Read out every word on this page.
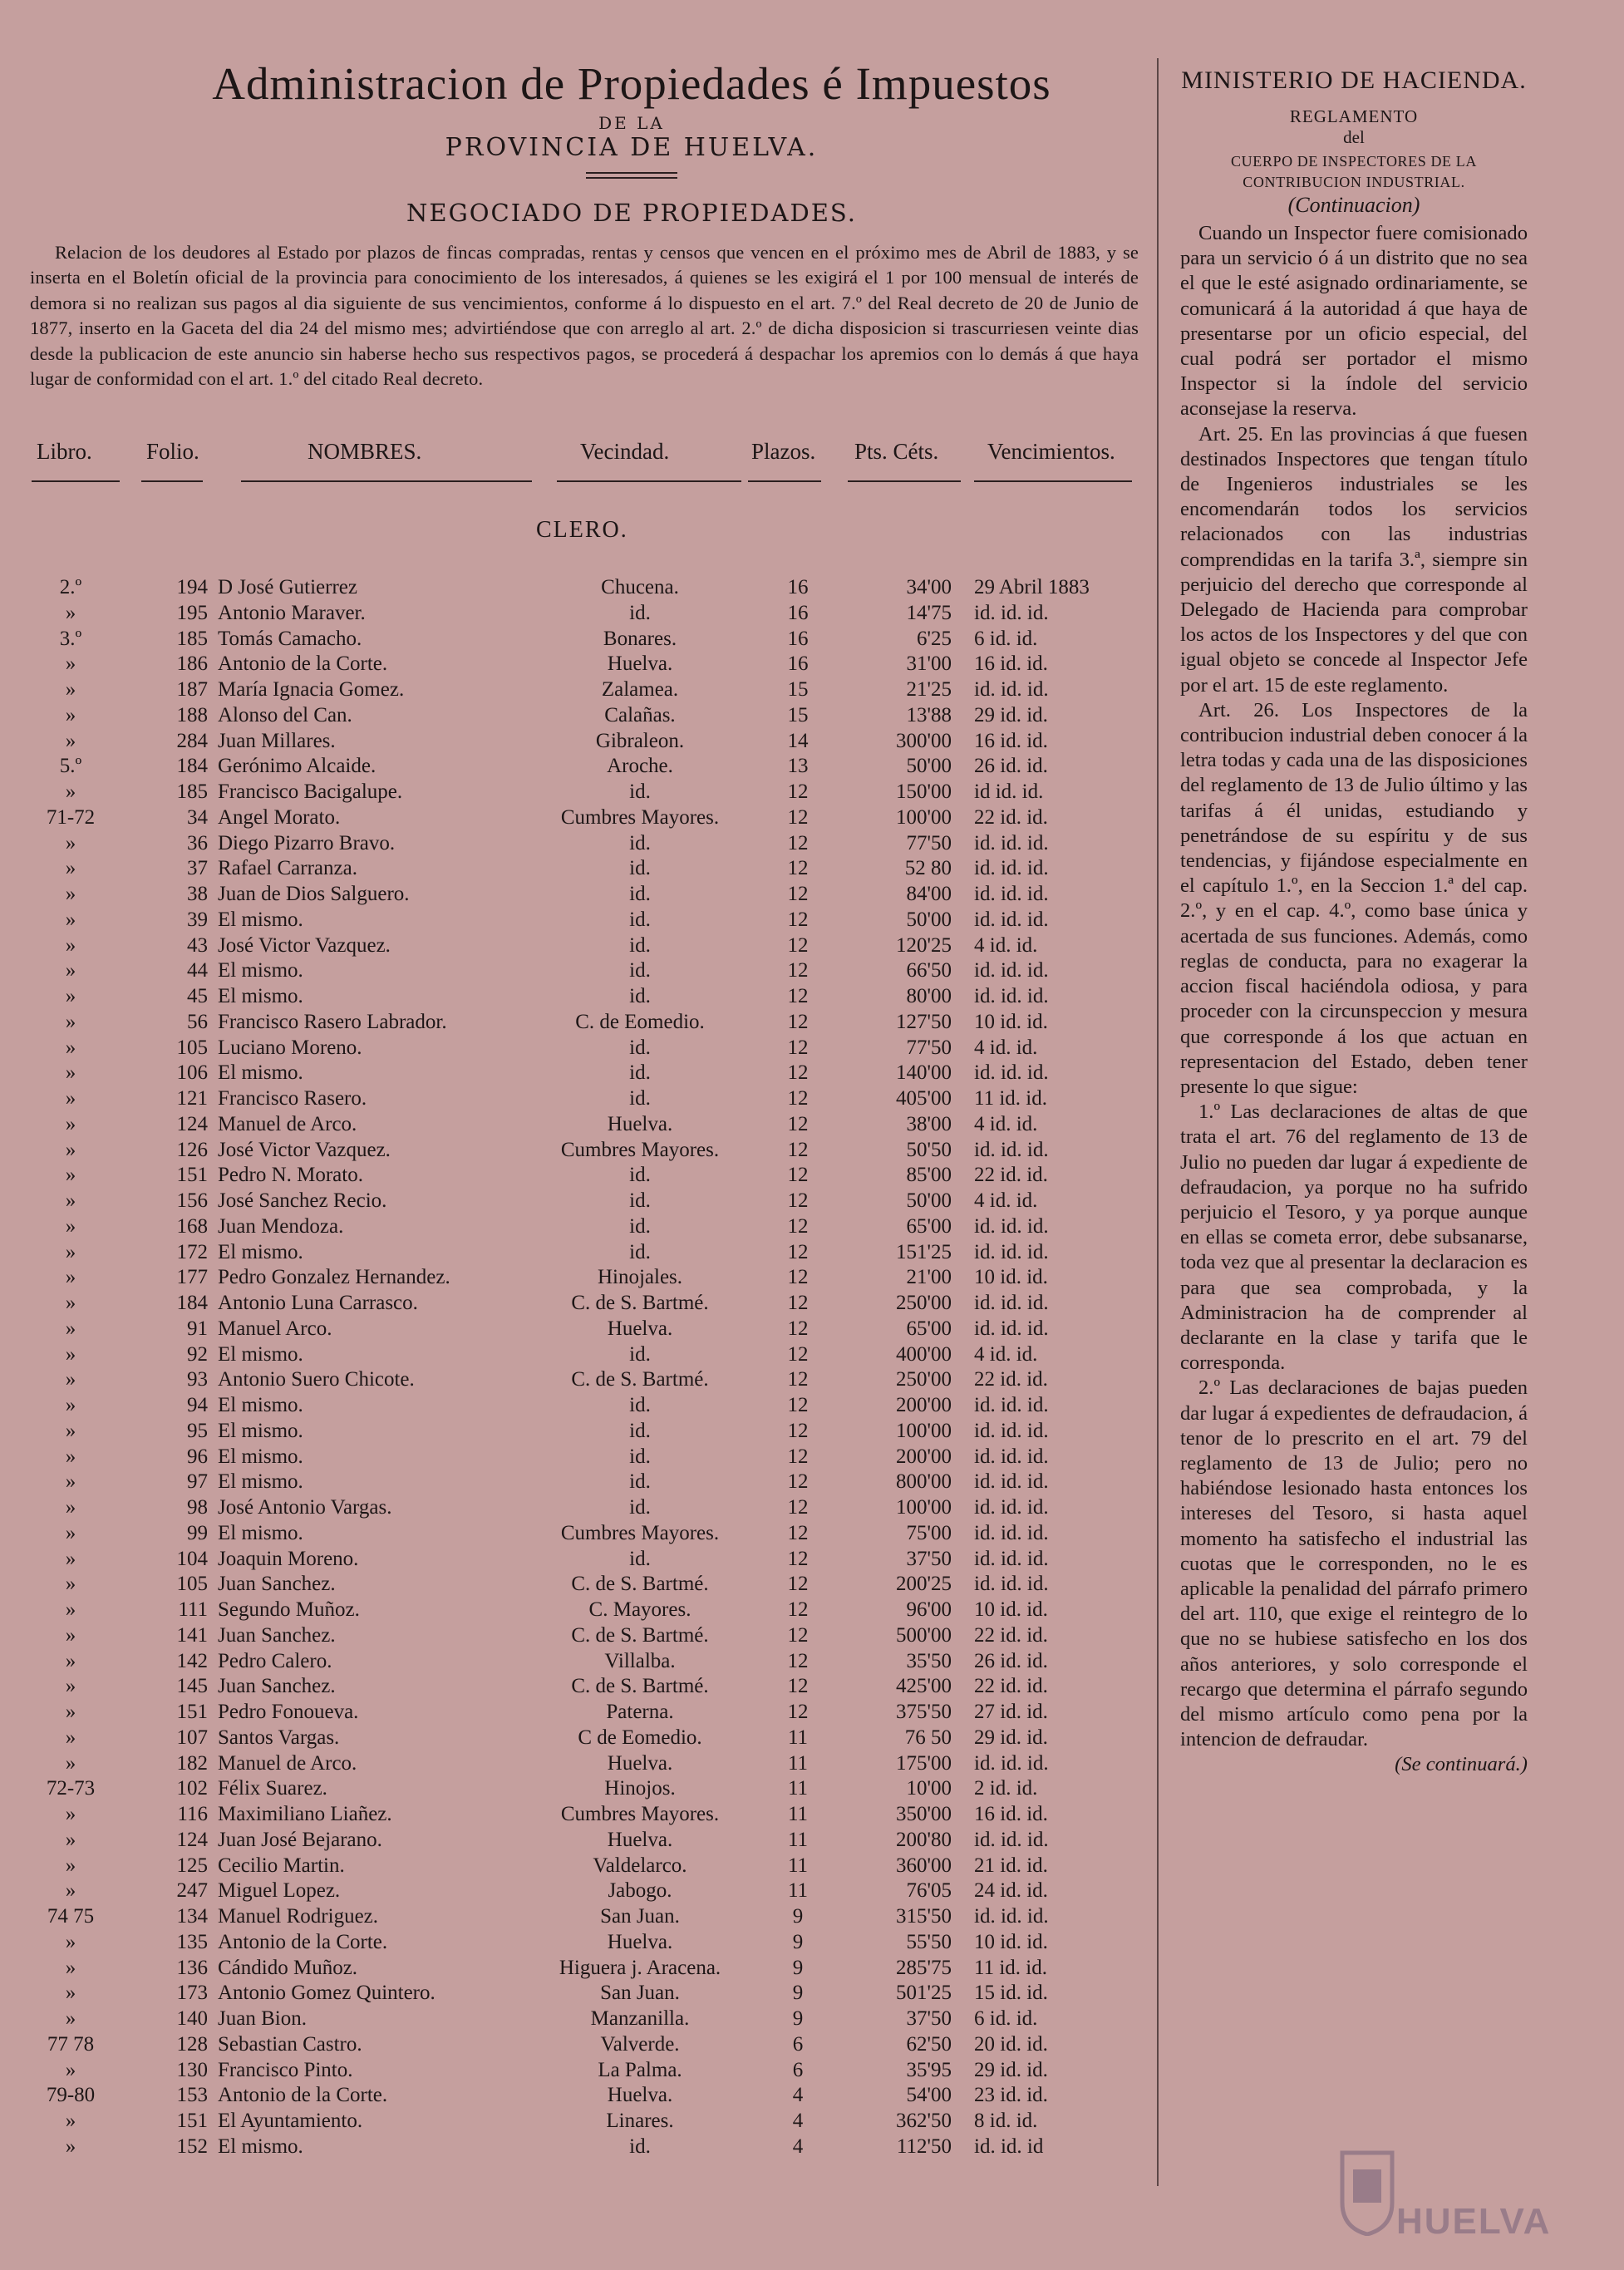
Administracion de Propiedades é Impuestos
DE LA
PROVINCIA DE HUELVA.
NEGOCIADO DE PROPIEDADES.

Relacion de los deudores al Estado por plazos de fincas compradas, rentas y censos que vencen en el próximo mes de Abril de 1883, y se inserta en el Boletín oficial de la provincia para conocimiento de los interesados, á quienes se les exigirá el 1 por 100 mensual de interés de demora si no realizan sus pagos al dia siguiente de sus vencimientos, conforme á lo dispuesto en el art. 7.º del Real decreto de 20 de Junio de 1877, inserto en la Gaceta del dia 24 del mismo mes; advirtiéndose que con arreglo al art. 2.º de dicha disposicion si trascurriesen veinte dias desde la publicacion de este anuncio sin haberse hecho sus respectivos pagos, se procederá á despachar los apremios con lo demás á que haya lugar de conformidad con el art. 1.º del citado Real decreto.

Libro. Folio.	NOMBRES.	Vecindad.	Plazos. Pts. Céts. Vencimientos.
CLERO.
2.º	194 D José Gutierrez	Chucena.	16	34'00 29 Abril 1883
»	195 Antonio Maraver.	id.	16	14'75 id. id. id.
3.º	185 Tomás Camacho.	Bonares.	16	6'25 6 id. id.
»	186 Antonio de la Corte.	Huelva.	16	31'00 16 id. id.
»	187 María Ignacia Gomez.	Zalamea.	15	21'25 id. id. id.
»	188 Alonso del Can.	Calañas.	15	13'88 29 id. id.
»	284 Juan Millares.	Gibraleon.	14	300'00 16 id. id.
5.º	184 Gerónimo Alcaide.	Aroche.	13	50'00 26 id. id.
»	185 Francisco Bacigalupe.	id.	12	150'00 id id. id.
71-72	34 Angel Morato.	Cumbres Mayores.	12	100'00 22 id. id.
»	36 Diego Pizarro Bravo.	id.	12	77'50 id. id. id.
»	37 Rafael Carranza.	id.	12	52 80 id. id. id.
»	38 Juan de Dios Salguero.	id.	12	84'00 id. id. id.
»	39 El mismo.	id.	12	50'00 id. id. id.
»	43 José Victor Vazquez.	id.	12	120'25 4 id. id.
»	44 El mismo.	id.	12	66'50 id. id. id.
»	45 El mismo.	id.	12	80'00 id. id. id.
»	56 Francisco Rasero Labrador.	C. de Eomedio.	12	127'50 10 id. id.
»	105 Luciano Moreno.	id.	12	77'50 4 id. id.
»	106 El mismo.	id.	12	140'00 id. id. id.
»	121 Francisco Rasero.	id.	12	405'00 11 id. id.
»	124 Manuel de Arco.	Huelva.	12	38'00 4 id. id.
»	126 José Victor Vazquez.	Cumbres Mayores.	12	50'50 id. id. id.
»	151 Pedro N. Morato.	id.	12	85'00 22 id. id.
»	156 José Sanchez Recio.	id.	12	50'00 4 id. id.
»	168 Juan Mendoza.	id.	12	65'00 id. id. id.
»	172 El mismo.	id.	12	151'25 id. id. id.
»	177 Pedro Gonzalez Hernandez.	Hinojales.	12	21'00 10 id. id.
»	184 Antonio Luna Carrasco.	C. de S. Bartmé.	12	250'00 id. id. id.
»	91 Manuel Arco.	Huelva.	12	65'00 id. id. id.
»	92 El mismo.	id.	12	400'00 4 id. id.
»	93 Antonio Suero Chicote.	C. de S. Bartmé.	12	250'00 22 id. id.
»	94 El mismo.	id.	12	200'00 id. id. id.
»	95 El mismo.	id.	12	100'00 id. id. id.
»	96 El mismo.	id.	12	200'00 id. id. id.
»	97 El mismo.	id.	12	800'00 id. id. id.
»	98 José Antonio Vargas.	id.	12	100'00 id. id. id.
»	99 El mismo.	Cumbres Mayores.	12	75'00 id. id. id.
»	104 Joaquin Moreno.	id.	12	37'50 id. id. id.
»	105 Juan Sanchez.	C. de S. Bartmé.	12	200'25 id. id. id.
»	111 Segundo Muñoz.	C. Mayores.	12	96'00 10 id. id.
»	141 Juan Sanchez.	C. de S. Bartmé.	12	500'00 22 id. id.
»	142 Pedro Calero.	Villalba.	12	35'50 26 id. id.
»	145 Juan Sanchez.	C. de S. Bartmé.	12	425'00 22 id. id.
»	151 Pedro Fonoueva.	Paterna.	12	375'50 27 id. id.
»	107 Santos Vargas.	C de Eomedio.	11	76 50 29 id. id.
»	182 Manuel de Arco.	Huelva.	11	175'00 id. id. id.
72-73	102 Félix Suarez.	Hinojos.	11	10'00 2 id. id.
»	116 Maximiliano Liañez.	Cumbres Mayores.	11	350'00 16 id. id.
»	124 Juan José Bejarano.	Huelva.	11	200'80 id. id. id.
»	125 Cecilio Martin.	Valdelarco.	11	360'00 21 id. id.
»	247 Miguel Lopez.	Jabogo.	11	76'05 24 id. id.
74 75	134 Manuel Rodriguez.	San Juan.	9	315'50 id. id. id.
»	135 Antonio de la Corte.	Huelva.	9	55'50 10 id. id.
»	136 Cándido Muñoz.	Higuera j. Aracena.	9	285'75 11 id. id.
»	173 Antonio Gomez Quintero.	San Juan.	9	501'25 15 id. id.
»	140 Juan Bion.	Manzanilla.	9	37'50 6 id. id.
77 78	128 Sebastian Castro.	Valverde.	6	62'50 20 id. id.
»	130 Francisco Pinto.	La Palma.	6	35'95 29 id. id.
79-80	153 Antonio de la Corte.	Huelva.	4	54'00 23 id. id.
»	151 El Ayuntamiento.	Linares.	4	362'50 8 id. id.
»	152 El mismo.	id.	4	112'50 id. id. id
MINISTERIO DE HACIENDA.
REGLAMENTO
del
CUERPO DE INSPECTORES DE LA CONTRIBUCION INDUSTRIAL.
(Continuacion)

Cuando un Inspector fuere comisionado para un servicio ó á un distrito que no sea el que le esté asignado ordinariamente, se comunicará á la autoridad á que haya de presentarse por un oficio especial, del cual podrá ser portador el mismo Inspector si la índole del servicio aconsejase la reserva.

Art. 25. En las provincias á que fuesen destinados Inspectores que tengan título de Ingenieros industriales se les encomendarán todos los servicios relacionados con las industrias comprendidas en la tarifa 3.ª, siempre sin perjuicio del derecho que corresponde al Delegado de Hacienda para comprobar los actos de los Inspectores y del que con igual objeto se concede al Inspector Jefe por el art. 15 de este reglamento.

Art. 26. Los Inspectores de la contribucion industrial deben conocer á la letra todas y cada una de las disposiciones del reglamento de 13 de Julio último y las tarifas á él unidas, estudiando y penetrándose de su espíritu y de sus tendencias, y fijándose especialmente en el capítulo 1.º, en la Seccion 1.ª del cap. 2.º, y en el cap. 4.º, como base única y acertada de sus funciones. Además, como reglas de conducta, para no exagerar la accion fiscal haciéndola odiosa, y para proceder con la circunspeccion y mesura que corresponde á los que actuan en representacion del Estado, deben tener presente lo que sigue:

1.º Las declaraciones de altas de que trata el art. 76 del reglamento de 13 de Julio no pueden dar lugar á expediente de defraudacion, ya porque no ha sufrido perjuicio el Tesoro, y ya porque aunque en ellas se cometa error, debe subsanarse, toda vez que al presentar la declaracion es para que sea comprobada, y la Administracion ha de comprender al declarante en la clase y tarifa que le corresponda.

2.º Las declaraciones de bajas pueden dar lugar á expedientes de defraudacion, á tenor de lo prescrito en el art. 79 del reglamento de 13 de Julio; pero no habiéndose lesionado hasta entonces los intereses del Tesoro, si hasta aquel momento ha satisfecho el industrial las cuotas que le corresponden, no le es aplicable la penalidad del párrafo primero del art. 110, que exige el reintegro de lo que no se hubiese satisfecho en los dos años anteriores, y solo corresponde el recargo que determina el párrafo segundo del mismo artículo como pena por la intencion de defraudar.

(Se continuará.)

HUELVA
